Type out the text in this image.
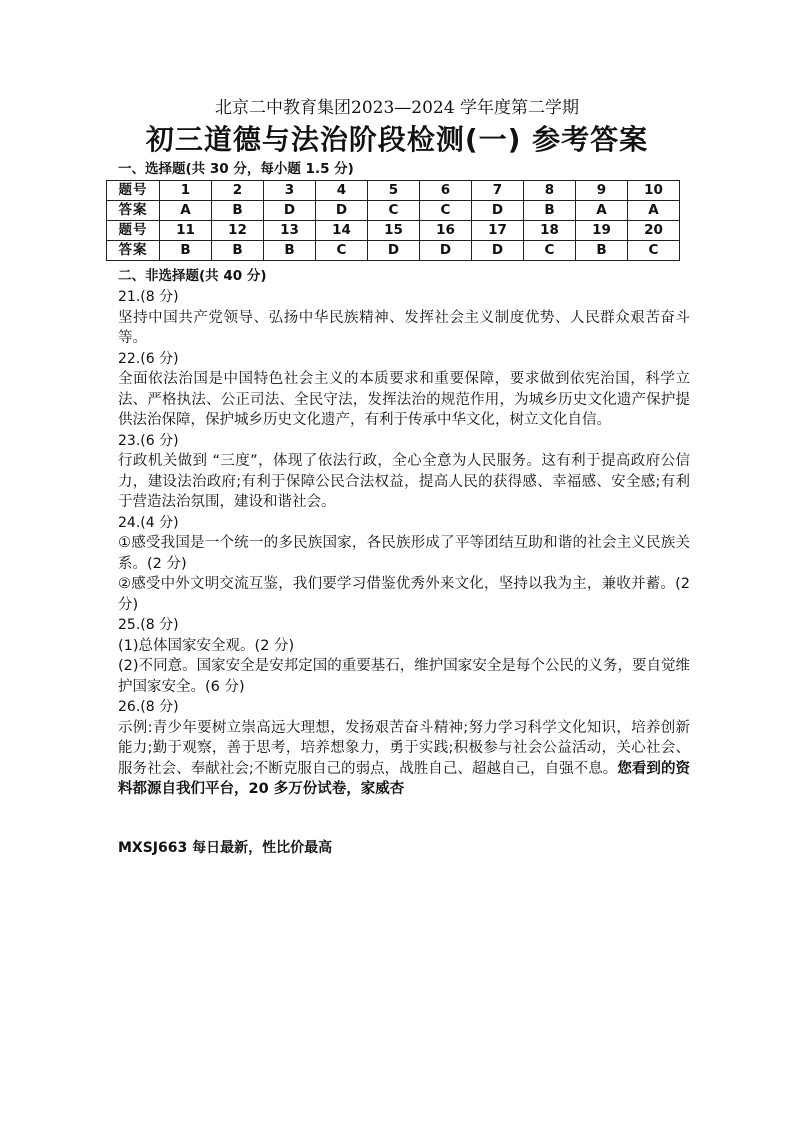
北京二中教育集团2023—2024 学年度第二学期
初三道德与法治阶段检测(一) 参考答案
一、选择题(共 30 分，每小题 1.5 分)
题号	1	2	3	4	5	6	7	8	9	10
答案	A	B	D	D	C	C	D	B	A	A
题号	11	12	13	14	15	16	17	18	19	20
答案	B	B	B	C	D	D	D	C	B	C
二、非选择题(共 40 分)

21.(8 分)

坚持中国共产党领导、弘扬中华民族精神、发挥社会主义制度优势、人民群众艰苦奋斗等。

22.(6 分)

全面依法治国是中国特色社会主义的本质要求和重要保障，要求做到依宪治国，科学立法、严格执法、公正司法、全民守法，发挥法治的规范作用，为城乡历史文化遗产保护提供法治保障，保护城乡历史文化遗产，有利于传承中华文化，树立文化自信。

23.(6 分)

行政机关做到 “三度”，体现了依法行政，全心全意为人民服务。这有利于提高政府公信力，建设法治政府;有利于保障公民合法权益，提高人民的获得感、幸福感、安全感;有利于营造法治氛围，建设和谐社会。

24.(4 分)

①感受我国是一个统一的多民族国家，各民族形成了平等团结互助和谐的社会主义民族关系。(2 分)

②感受中外文明交流互鉴，我们要学习借鉴优秀外来文化，坚持以我为主，兼收并蓄。(2 分)

25.(8 分)

(1)总体国家安全观。(2 分)

(2)不同意。国家安全是安邦定国的重要基石，维护国家安全是每个公民的义务，要自觉维护国家安全。(6 分)

26.(8 分)

示例:青少年要树立崇高远大理想，发扬艰苦奋斗精神;努力学习科学文化知识，培养创新能力;勤于观察，善于思考，培养想象力，勇于实践;积极参与社会公益活动，关心社会、服务社会、奉献社会;不断克服自己的弱点，战胜自己、超越自己，自强不息。您看到的资料都源自我们平台，20 多万份试卷，家威杏

MXSJ663 每日最新，性比价最高
